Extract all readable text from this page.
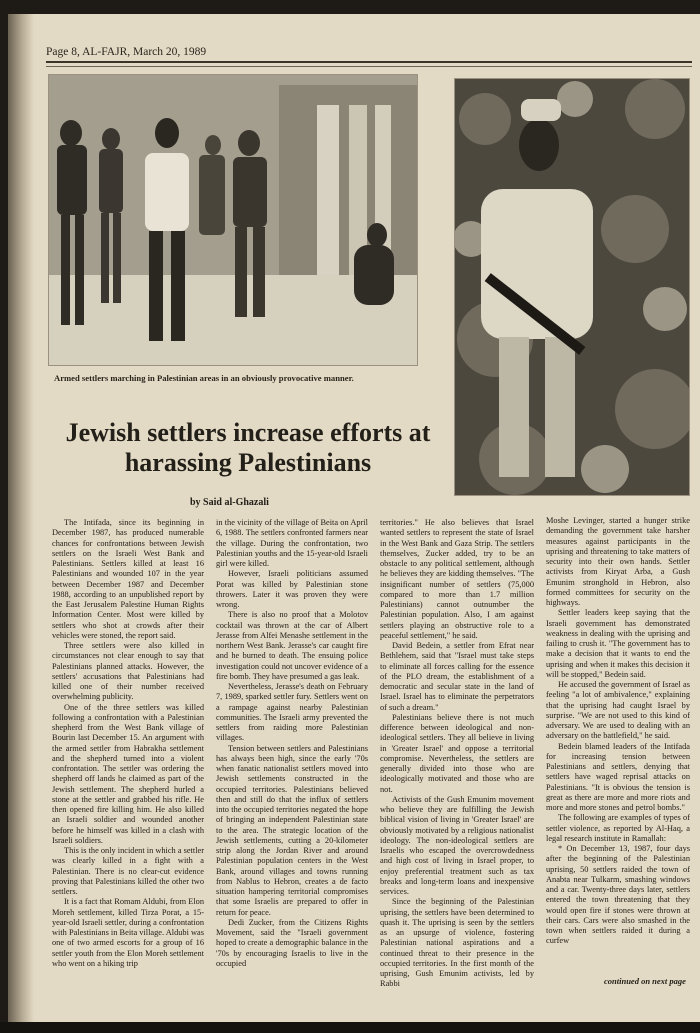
Page 8, AL-FAJR, March 20, 1989
Armed settlers marching in Palestinian areas in an obviously provocative manner.
Jewish settlers increase efforts at harassing Palestinians
by Said al-Ghazali

The Intifada, since its beginning in December 1987, has produced numerable chances for confrontations between Jewish settlers on the Israeli West Bank and Palestinians. Settlers killed at least 16 Palestinians and wounded 107 in the year between December 1987 and December 1988, according to an unpublished report by the East Jerusalem Palestine Human Rights Information Center. Most were killed by settlers who shot at crowds after their vehicles were stoned, the report said.

Three settlers were also killed in circumstances not clear enough to say that Palestinians planned attacks. However, the settlers' accusations that Palestinians had killed one of their number received overwhelming publicity.

One of the three settlers was killed following a confrontation with a Palestinian shepherd from the West Bank village of Bourin last December 15. An argument with the armed settler from Habrakha settlement and the shepherd turned into a violent confrontation. The settler was ordering the shepherd off lands he claimed as part of the Jewish settlement. The shepherd hurled a stone at the settler and grabbed his rifle. He then opened fire killing him. He also killed an Israeli soldier and wounded another before he himself was killed in a clash with Israeli soldiers.

This is the only incident in which a settler was clearly killed in a fight with a Palestinian. There is no clear-cut evidence proving that Palestinians killed the other two settlers.

It is a fact that Romam Aldubi, from Elon Moreh settlement, killed Tirza Porat, a 15-year-old Israeli settler, during a confrontation with Palestinians in Beita village. Aldubi was one of two armed escorts for a group of 16 settler youth from the Elon Moreh settlement who went on a hiking trip

in the vicinity of the village of Beita on April 6, 1988. The settlers confronted farmers near the village. During the confrontation, two Palestinian youths and the 15-year-old Israeli girl were killed.

However, Israeli politicians assumed Porat was killed by Palestinian stone throwers. Later it was proven they were wrong.

There is also no proof that a Molotov cocktail was thrown at the car of Albert Jerasse from Alfei Menashe settlement in the northern West Bank. Jerasse's car caught fire and he burned to death. The ensuing police investigation could not uncover evidence of a fire bomb. They have presumed a gas leak.

Nevertheless, Jerasse's death on February 7, 1989, sparked settler fury. Settlers went on a rampage against nearby Palestinian communities. The Israeli army prevented the settlers from raiding more Palestinian villages.

Tension between settlers and Palestinians has always been high, since the early '70s when fanatic nationalist settlers moved into Jewish settlements constructed in the occupied territories. Palestinians believed then and still do that the influx of settlers into the occupied territories negated the hope of bringing an independent Palestinian state to the area. The strategic location of the Jewish settlements, cutting a 20-kilometer strip along the Jordan River and around Palestinian population centers in the West Bank, around villages and towns running from Nablus to Hebron, creates a de facto situation hampering territorial compromises that some Israelis are prepared to offer in return for peace.

Dedi Zucker, from the Citizens Rights Movement, said the "Israeli government hoped to create a demographic balance in the '70s by encouraging Israelis to live in the occupied

territories." He also believes that Israel wanted settlers to represent the state of Israel in the West Bank and Gaza Strip. The settlers themselves, Zucker added, try to be an obstacle to any political settlement, although he believes they are kidding themselves. "The insignificant number of settlers (75,000 compared to more than 1.7 million Palestinians) cannot outnumber the Palestinian population. Also, I am against settlers playing an obstructive role to a peaceful settlement," he said.

David Bedein, a settler from Efrat near Bethlehem, said that "Israel must take steps to eliminate all forces calling for the essence of the PLO dream, the establishment of a democratic and secular state in the land of Israel. Israel has to eliminate the perpetrators of such a dream."

Palestinians believe there is not much difference between ideological and non-ideological settlers. They all believe in living in 'Greater Israel' and oppose a territorial compromise. Nevertheless, the settlers are generally divided into those who are ideologically motivated and those who are not.

Activists of the Gush Emunim movement who believe they are fulfilling the Jewish biblical vision of living in 'Greater Israel' are obviously motivated by a religious nationalist ideology. The non-ideological settlers are Israelis who escaped the overcrowdedness and high cost of living in Israel proper, to enjoy preferential treatment such as tax breaks and long-term loans and inexpensive services.

Since the beginning of the Palestinian uprising, the settlers have been determined to quash it. The uprising is seen by the settlers as an upsurge of violence, fostering Palestinian national aspirations and a continued threat to their presence in the occupied territories. In the first month of the uprising, Gush Emunim activists, led by Rabbi

Moshe Levinger, started a hunger strike demanding the government take harsher measures against participants in the uprising and threatening to take matters of security into their own hands. Settler activists from Kiryat Arba, a Gush Emunim stronghold in Hebron, also formed committees for security on the highways.

Settler leaders keep saying that the Israeli government has demonstrated weakness in dealing with the uprising and failing to crush it. "The government has to make a decision that it wants to end the uprising and when it makes this decision it will be stopped," Bedein said.

He accused the government of Israel as feeling "a lot of ambivalence," explaining that the uprising had caught Israel by surprise. "We are not used to this kind of adversary. We are used to dealing with an adversary on the battlefield," he said.

Bedein blamed leaders of the Intifada for increasing tension between Palestinians and settlers, denying that settlers have waged reprisal attacks on Palestinians. "It is obvious the tension is great as there are more and more riots and more and more stones and petrol bombs."

The following are examples of types of settler violence, as reported by Al-Haq, a legal research institute in Ramallah:

* On December 13, 1987, four days after the beginning of the Palestinian uprising, 50 settlers raided the town of Anabta near Tulkarm, smashing windows and a car. Twenty-three days later, settlers entered the town threatening that they would open fire if stones were thrown at their cars. Cars were also smashed in the town when settlers raided it during a curfew

continued on next page
